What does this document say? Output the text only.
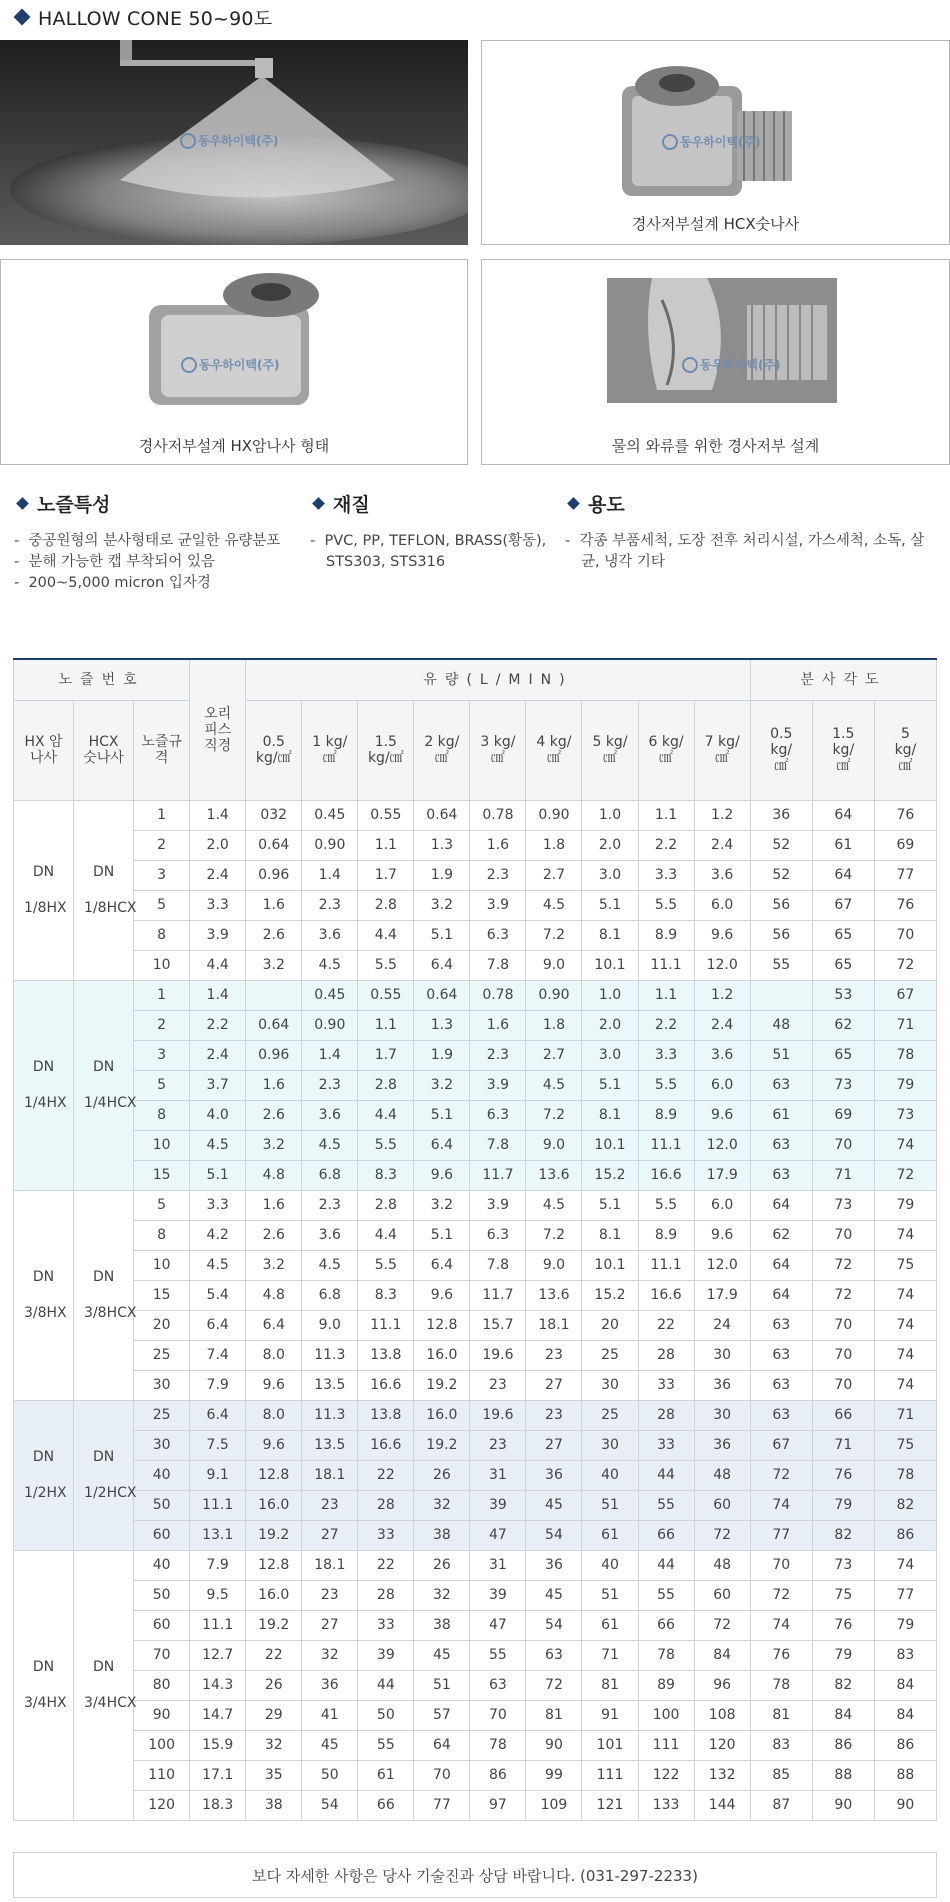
HALLOW CONE 50~90도
동우하이텍(주)	동우하이텍(주)
경사저부설계 HCX숫나사
동우하이텍(주)
경사저부설계 HX암나사 형태
동우하이텍(주)
물의 와류를 위한 경사저부 설계
노즐특성
-  중공원형의 분사형태로 균일한 유량분포
-  분해 가능한 캡 부착되어 있음
-  200~5,000 micron 입자경
재질
-  PVC, PP, TEFLON, BRASS(황동), STS303, STS316
용도
-  각종 부품세척, 도장 전후 처리시설, 가스세척, 소독, 살균, 냉각 기타
노즐번호			오리피스직경	유량(L/MIN)									분사각도		
HX 암나사	HCX 숫나사	노즐규격		0.5 kg/㎠	1 kg/㎠	1.5 kg/㎠	2 kg/㎠	3 kg/㎠	4 kg/㎠	5 kg/㎠	6 kg/㎠	7 kg/㎠	0.5 kg/㎠	1.5 kg/㎠	5 kg/㎠
DN 1/8HX	DN 1/8HCX	1	1.4	032	0.45	0.55	0.64	0.78	0.90	1.0	1.1	1.2	36	64	76
		2	2.0	0.64	0.90	1.1	1.3	1.6	1.8	2.0	2.2	2.4	52	61	69
		3	2.4	0.96	1.4	1.7	1.9	2.3	2.7	3.0	3.3	3.6	52	64	77
		5	3.3	1.6	2.3	2.8	3.2	3.9	4.5	5.1	5.5	6.0	56	67	76
		8	3.9	2.6	3.6	4.4	5.1	6.3	7.2	8.1	8.9	9.6	56	65	70
		10	4.4	3.2	4.5	5.5	6.4	7.8	9.0	10.1	11.1	12.0	55	65	72
DN 1/4HX	DN 1/4HCX	1	1.4		0.45	0.55	0.64	0.78	0.90	1.0	1.1	1.2		53	67
		2	2.2	0.64	0.90	1.1	1.3	1.6	1.8	2.0	2.2	2.4	48	62	71
		3	2.4	0.96	1.4	1.7	1.9	2.3	2.7	3.0	3.3	3.6	51	65	78
		5	3.7	1.6	2.3	2.8	3.2	3.9	4.5	5.1	5.5	6.0	63	73	79
		8	4.0	2.6	3.6	4.4	5.1	6.3	7.2	8.1	8.9	9.6	61	69	73
		10	4.5	3.2	4.5	5.5	6.4	7.8	9.0	10.1	11.1	12.0	63	70	74
		15	5.1	4.8	6.8	8.3	9.6	11.7	13.6	15.2	16.6	17.9	63	71	72
DN 3/8HX	DN 3/8HCX	5	3.3	1.6	2.3	2.8	3.2	3.9	4.5	5.1	5.5	6.0	64	73	79
		8	4.2	2.6	3.6	4.4	5.1	6.3	7.2	8.1	8.9	9.6	62	70	74
		10	4.5	3.2	4.5	5.5	6.4	7.8	9.0	10.1	11.1	12.0	64	72	75
		15	5.4	4.8	6.8	8.3	9.6	11.7	13.6	15.2	16.6	17.9	64	72	74
		20	6.4	6.4	9.0	11.1	12.8	15.7	18.1	20	22	24	63	70	74
		25	7.4	8.0	11.3	13.8	16.0	19.6	23	25	28	30	63	70	74
		30	7.9	9.6	13.5	16.6	19.2	23	27	30	33	36	63	70	74
DN 1/2HX	DN 1/2HCX	25	6.4	8.0	11.3	13.8	16.0	19.6	23	25	28	30	63	66	71
		30	7.5	9.6	13.5	16.6	19.2	23	27	30	33	36	67	71	75
		40	9.1	12.8	18.1	22	26	31	36	40	44	48	72	76	78
		50	11.1	16.0	23	28	32	39	45	51	55	60	74	79	82
		60	13.1	19.2	27	33	38	47	54	61	66	72	77	82	86
DN 3/4HX	DN 3/4HCX	40	7.9	12.8	18.1	22	26	31	36	40	44	48	70	73	74
		50	9.5	16.0	23	28	32	39	45	51	55	60	72	75	77
		60	11.1	19.2	27	33	38	47	54	61	66	72	74	76	79
		70	12.7	22	32	39	45	55	63	71	78	84	76	79	83
		80	14.3	26	36	44	51	63	72	81	89	96	78	82	84
		90	14.7	29	41	50	57	70	81	91	100	108	81	84	84
		100	15.9	32	45	55	64	78	90	101	111	120	83	86	86
		110	17.1	35	50	61	70	86	99	111	122	132	85	88	88
		120	18.3	38	54	66	77	97	109	121	133	144	87	90	90
보다 자세한 사항은 당사 기술진과 상담 바랍니다. (031-297-2233)
